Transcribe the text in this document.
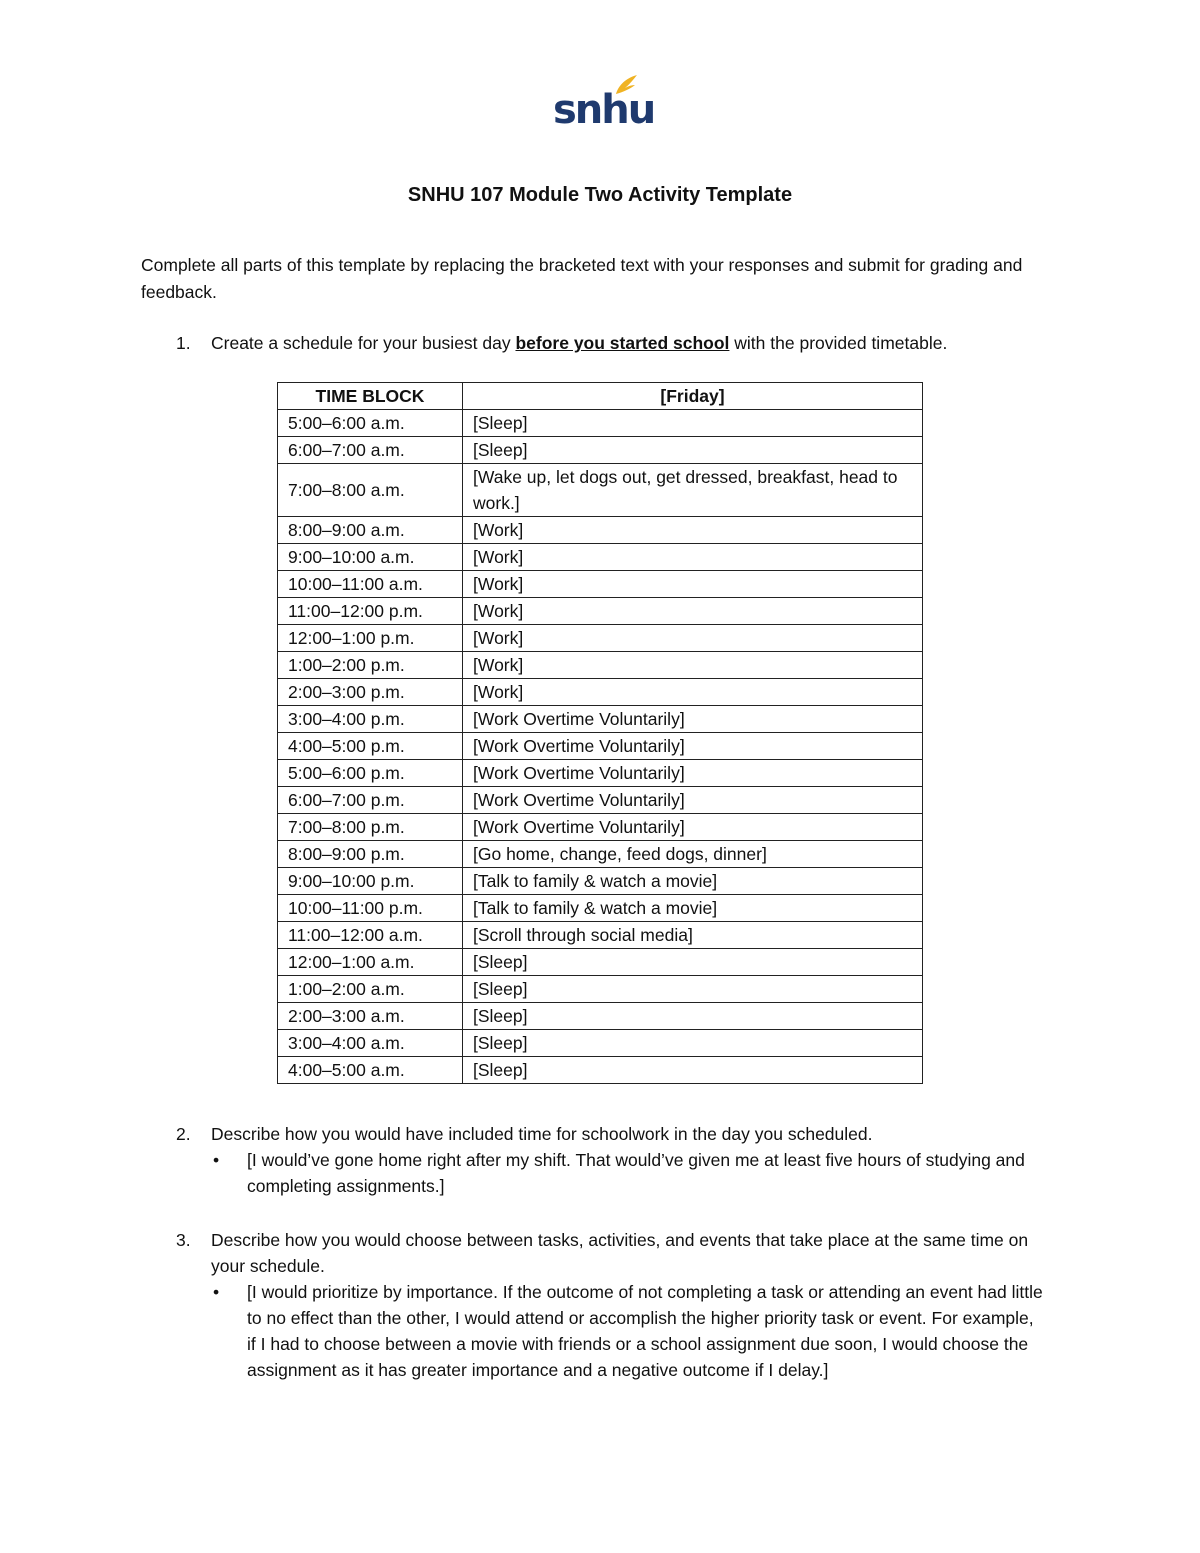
snhu
SNHU 107 Module Two Activity Template
Complete all parts of this template by replacing the bracketed text with your responses and submit for grading and feedback.
1. Create a schedule for your busiest day before you started school with the provided timetable.
TIME BLOCK	[Friday]
5:00–6:00 a.m.	[Sleep]
6:00–7:00 a.m.	[Sleep]
7:00–8:00 a.m.	[Wake up, let dogs out, get dressed, breakfast, head to work.]
8:00–9:00 a.m.	[Work]
9:00–10:00 a.m.	[Work]
10:00–11:00 a.m.	[Work]
11:00–12:00 p.m.	[Work]
12:00–1:00 p.m.	[Work]
1:00–2:00 p.m.	[Work]
2:00–3:00 p.m.	[Work]
3:00–4:00 p.m.	[Work Overtime Voluntarily]
4:00–5:00 p.m.	[Work Overtime Voluntarily]
5:00–6:00 p.m.	[Work Overtime Voluntarily]
6:00–7:00 p.m.	[Work Overtime Voluntarily]
7:00–8:00 p.m.	[Work Overtime Voluntarily]
8:00–9:00 p.m.	[Go home, change, feed dogs, dinner]
9:00–10:00 p.m.	[Talk to family & watch a movie]
10:00–11:00 p.m.	[Talk to family & watch a movie]
11:00–12:00 a.m.	[Scroll through social media]
12:00–1:00 a.m.	[Sleep]
1:00–2:00 a.m.	[Sleep]
2:00–3:00 a.m.	[Sleep]
3:00–4:00 a.m.	[Sleep]
4:00–5:00 a.m.	[Sleep]
2. Describe how you would have included time for schoolwork in the day you scheduled.
• [I would’ve gone home right after my shift. That would’ve given me at least five hours of studying and completing assignments.]
3. Describe how you would choose between tasks, activities, and events that take place at the same time on your schedule.
• [I would prioritize by importance. If the outcome of not completing a task or attending an event had little to no effect than the other, I would attend or accomplish the higher priority task or event. For example, if I had to choose between a movie with friends or a school assignment due soon, I would choose the assignment as it has greater importance and a negative outcome if I delay.]
